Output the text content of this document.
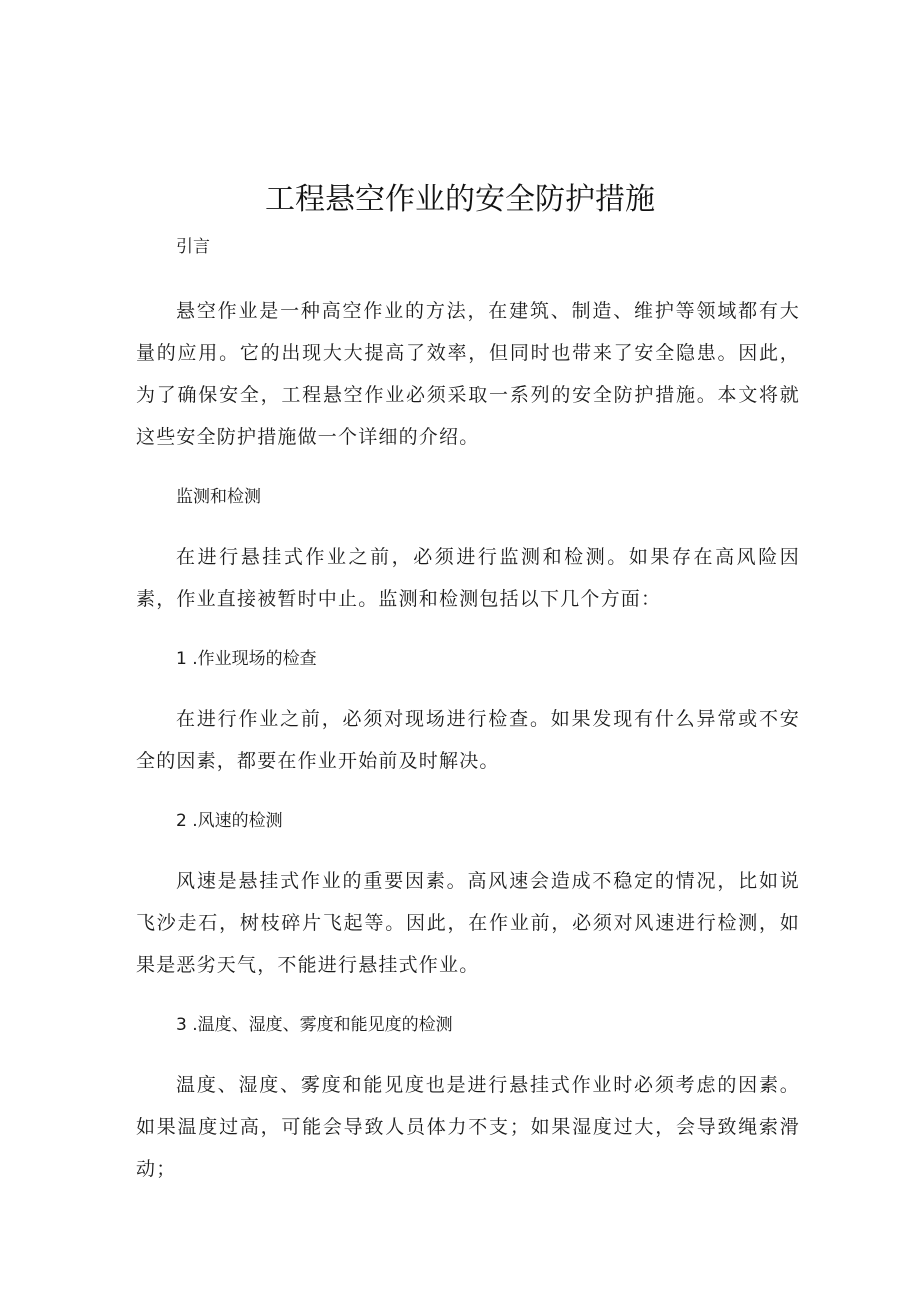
工程悬空作业的安全防护措施

引言

悬空作业是一种高空作业的方法，在建筑、制造、维护等领域都有大量的应用。它的出现大大提高了效率，但同时也带来了安全隐患。因此，为了确保安全，工程悬空作业必须采取一系列的安全防护措施。本文将就这些安全防护措施做一个详细的介绍。

监测和检测

在进行悬挂式作业之前，必须进行监测和检测。如果存在高风险因素，作业直接被暂时中止。监测和检测包括以下几个方面：

1 .作业现场的检查

在进行作业之前，必须对现场进行检查。如果发现有什么异常或不安全的因素，都要在作业开始前及时解决。

2 .风速的检测

风速是悬挂式作业的重要因素。高风速会造成不稳定的情况，比如说飞沙走石，树枝碎片飞起等。因此，在作业前，必须对风速进行检测，如果是恶劣天气，不能进行悬挂式作业。

3 .温度、湿度、雾度和能见度的检测

温度、湿度、雾度和能见度也是进行悬挂式作业时必须考虑的因素。如果温度过高，可能会导致人员体力不支；如果湿度过大，会导致绳索滑动；
